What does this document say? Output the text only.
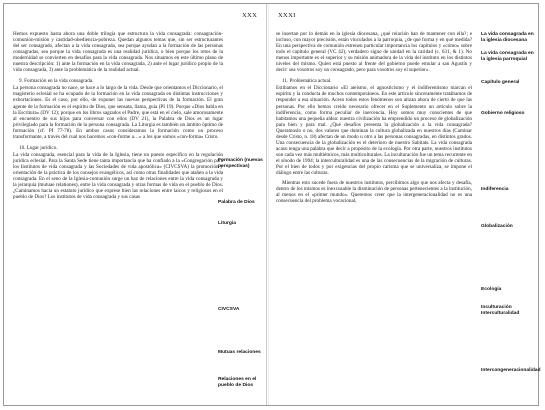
XXX

Hemos expuesto hasta ahora una doble trilogía que estructura la vida consagrada: consagración-comunión-misión y castidad-obediencia-pobreza. Quedan algunos temas que, sin ser estructurantes del ser consagrado, afectan a la vida consagrada, sea porque ayudan a la formación de las personas consagradas, sea porque la vida consagrada es una realidad jurídica, o bien porque los retos de la modernidad se convierten en desafíos para la vida consagrada. Nos situamos en este último plano de nuestra descripción: 1) ante la formación en la vida consagrada, 2) ante el lugar jurídico propio de la vida consagrada, 3) ante la problemática de la realidad actual.

9. Formación en la vida consagrada.

La persona consagrada no nace, se hace a lo largo de la vida. Desde que orientamos el Diccionario, el magisterio eclesial se ha ocupado de la formación en la vida consagrada en distintas instrucciones y exhortaciones. Es el caso, por ello, de exponer las nuevas perspectivas de la formación. El gran agente de la formación es el espíritu de Dios, que sensata, llama, guía (PI 19). Porque «Dios habla en la Escritura» (DV 12); porque en los libros sagrados el Padre, que está en el cielo, sale amorosamente al encuentro de sus hijos para conversar con ellos (DV 21), la Palabra de Dios es un lugar privilegiado para la formación de la persona consagrada. La Liturgia es también un ámbito óptimo de formación (cf. PI 77-78). En ambos casos consideramos la formación como un proceso transformante, a través del cual nos hacemos «con-forme a…» a los que somos «con-forma» Cristo.

10. Lugar jurídico.

La vida consagrada, esencial para la vida de la Iglesia, tiene un puesto específico en la regulación jurídica eclesial. Para la Santa Sede tiene tanta importancia que ha confiado a la «Congregación para los Institutos de vida consagrada y las Sociedades de vida apostólica» (CIVCSVA) la promoción y orientación de la práctica de los consejos evangélicos, así como otras finalidades que atañen a la vida consagrada. En el seno de la Iglesia-comunión surge un haz de relaciones entre la vida consagrada y la jerarquía (mutuae relationes), entre la vida consagrada y otras formas de vida en el pueblo de Dios. ¿Caminamos hacia un estatuto jurídico que exprese bien las relaciones entre laicos y religiosos en el pueblo de Dios? Los institutos de vida consagrada y sus casas

Formación (nuevas perspectivas)
Palabra de Dios
Liturgia
CIVCSVA
Mutuas relaciones
Relaciones en el pueblo de Dios
XXXI

se insertan por lo demás en la iglesia diocesana, ¿qué relación han de mantener con ella?; e incluso, con mayor precisión, están vinculados a la parroquia, ¿de qué forma y en qué medida? En una perspectiva de comunión estrenen particular importancia los capítulos y «cómo» sobre todo el capítulo general (VC 42), verdadero signo de unidad en la caridad (c. 631, & 1). No menos importante es el superior y su misión animadora de la vida del instituto en los distintos niveles del mismo. Quien está puesto al frente del gobierno puede emular a san Agustín y decir: sea vosotros soy un consagrado, pero para vosotros soy el superior».

11. Problemática actual.

Estibamos en el Diccionario «El ateísmo, el agnosticismo y el indiferentismo marcan el espíritu y la conducta de muchos contemporáneos. En este artículo sinceramente tratábamos de responder a esa situación. Aceso todos estos fenómenos son atizan ahora de cierto de que las personas. Por ello hemos creído necesario ofrecer en el Suplemento un artículo sobre la indiferencia, como forma peculiar de inercencia. Hoy somos muy conscientes de que habitamos una pequeña aldea: nuestra civilización ha emprendido un proceso de globalización para bien y para mal. ¿Qué desafíos presenta la globalización a la vida consagrada? Queramoslo o no, dos valores que dominan la cultura globalizada en nuestros días (Caminar desde Cristo, n. 18) afectan de un modo u otro a las personas consagradas, en distintos grados. Una consecuencia de la globalización es el deterioro de nuestro Sabitats. La vida consagrada acaso tenga una palabra que decir a propósito de la ecología. Por otra parte, nuestros institutos son cada vez más multiétnicos, más multiculturales. La inculturación fue un tema recurrente en el sínodo de 1994; la interculturalidad es una de las consecuencias de la migración de culturas. Por el bien de todos y por exigencias del propio carisma que se universaliza, se impone el diálogo entre las culturas.

Mientras esto sucede fuera de nuestros institutos, percibimos algo que nos afecta y desafía, dentro de los mismos es inexcusable la disminución de personas pertenecientes a la institución, al menos en el «primer mundo». Queremos creer que la intergeneracionalidad no es una consecuencia del problema vocacional,

La vida consagrada en la iglesia diocesana
La vida consagrada en la iglesia parroquial
Capítulo general
Gobierno religioso
Indiferencia
Globalización
Ecología
Inculturación Interculturalidad
Intercongeneracionalidad
